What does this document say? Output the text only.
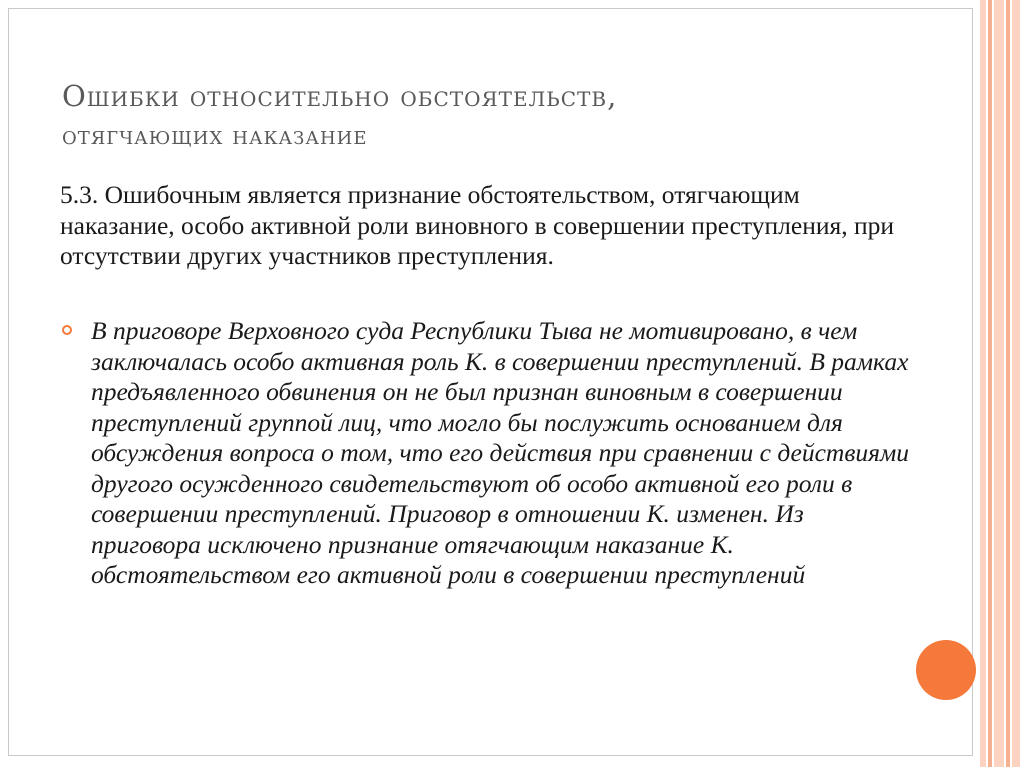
Ошибки относительно обстоятельств,
отягчающих наказание

5.3. Ошибочным является признание обстоятельством, отягчающим наказание, особо активной роли виновного в совершении преступления, при отсутствии других участников преступления.

В приговоре Верховного суда Республики Тыва не мотивировано, в чем заключалась особо активная роль К. в совершении преступлений. В рамках предъявленного обвинения он не был признан виновным в совершении преступлений группой лиц, что могло бы послужить основанием для обсуждения вопроса о том, что его действия при сравнении с действиями другого осужденного свидетельствуют об особо активной его роли в совершении преступлений. Приговор в отношении К. изменен. Из приговора исключено признание отягчающим наказание К. обстоятельством его активной роли в совершении преступлений
